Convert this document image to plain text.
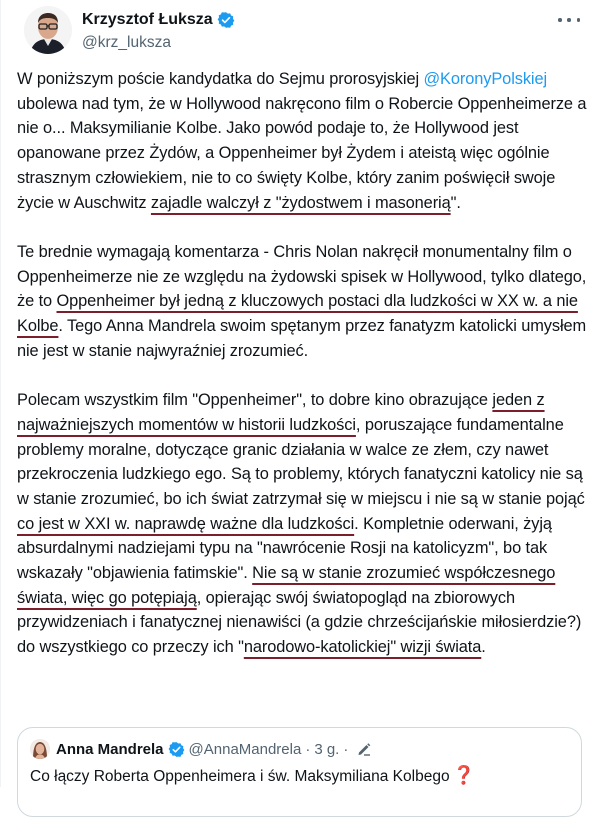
Krzysztof Łuksza
@krz_luksza

W poniższym poście kandydatka do Sejmu prorosyjskiej @KoronyPolskiej ubolewa nad tym, że w Hollywood nakręcono film o Robercie Oppenheimerze a nie o... Maksymilianie Kolbe. Jako powód podaje to, że Hollywood jest opanowane przez Żydów, a Oppenheimer był Żydem i ateistą więc ogólnie strasznym człowiekiem, nie to co święty Kolbe, który zanim poświęcił swoje życie w Auschwitz zajadle walczył z "żydostwem i masonerią".

Te brednie wymagają komentarza - Chris Nolan nakręcił monumentalny film o Oppenheimerze nie ze względu na żydowski spisek w Hollywood, tylko dlatego, że to Oppenheimer był jedną z kluczowych postaci dla ludzkości w XX w. a nie Kolbe. Tego Anna Mandrela swoim spętanym przez fanatyzm katolicki umysłem nie jest w stanie najwyraźniej zrozumieć.

Polecam wszystkim film "Oppenheimer", to dobre kino obrazujące jeden z najważniejszych momentów w historii ludzkości, poruszające fundamentalne problemy moralne, dotyczące granic działania w walce ze złem, czy nawet przekroczenia ludzkiego ego. Są to problemy, których fanatyczni katolicy nie są w stanie zrozumieć, bo ich świat zatrzymał się w miejscu i nie są w stanie pojąć co jest w XXI w. naprawdę ważne dla ludzkości. Kompletnie oderwani, żyją absurdalnymi nadziejami typu na "nawrócenie Rosji na katolicyzm", bo tak wskazały "objawienia fatimskie". Nie są w stanie zrozumieć współczesnego świata, więc go potępiają, opierając swój światopogląd na zbiorowych przywidzeniach i fanatycznej nienawiści (a gdzie chrześcijańskie miłosierdzie?) do wszystkiego co przeczy ich "narodowo-katolickiej" wizji świata.

Anna Mandrela @AnnaMandrela · 3 g. ·
Co łączy Roberta Oppenheimera i św. Maksymiliana Kolbego ❓
